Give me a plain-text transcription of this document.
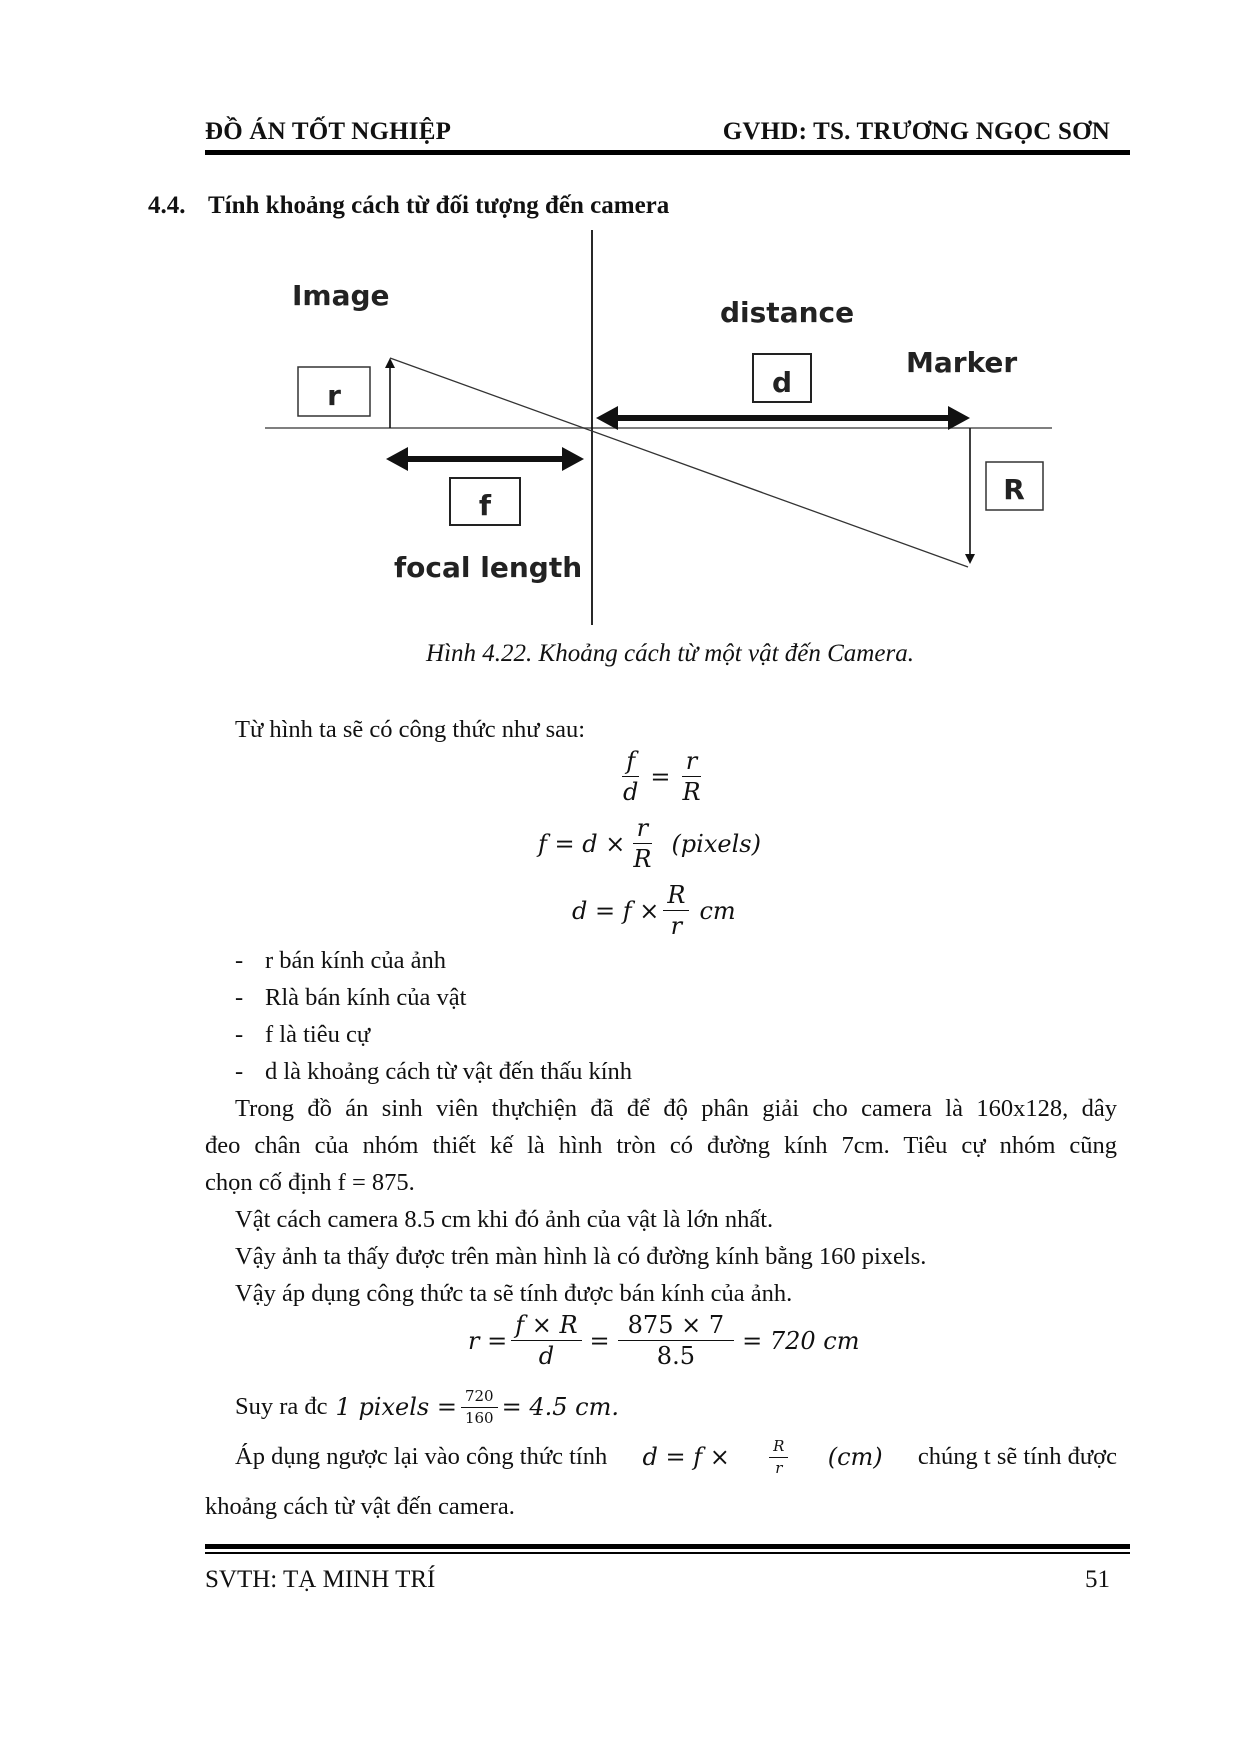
ĐỒ ÁN TỐT NGHIỆP	GVHD: TS. TRƯƠNG NGỌC SƠN
4.4. Tính khoảng cách từ đối tượng đến camera
Image
distance
Marker
focal length
r	d
f	R
Hình 4.22. Khoảng cách từ một vật đến Camera.
Từ hình ta sẽ có công thức như sau:
$\frac{f}{d} = \frac{r}{R}$
$f = d \times \frac{r}{R}$ (pixels)
$d = f \times \frac{R}{r}$ cm
- r bán kính của ảnh
- Rlà bán kính của vật
- f là tiêu cự
- d là khoảng cách từ vật đến thấu kính
Trong đồ án sinh viên thựchiện đã để độ phân giải cho camera là 160x128, dây
đeo chân của nhóm thiết kế là hình tròn có đường kính 7cm. Tiêu cự nhóm cũng
chọn cố định f = 875.
Vật cách camera 8.5 cm khi đó ảnh của vật là lớn nhất.
Vậy ảnh ta thấy được trên màn hình là có đường kính bằng 160 pixels.
Vậy áp dụng công thức ta sẽ tính được bán kính của ảnh.
$r = \frac{f \times R}{d} = \frac{875 \times 7}{8.5} = 720$ cm
Suy ra đc 1 pixels = $\frac{720}{160} = 4.5$ cm.
Áp dụng ngược lại vào công thức tính d = f ×	$\frac{R}{r} (cm)$ chúng t sẽ tính được
khoảng cách từ vật đến camera.
SVTH: TẠ MINH TRÍ	51
